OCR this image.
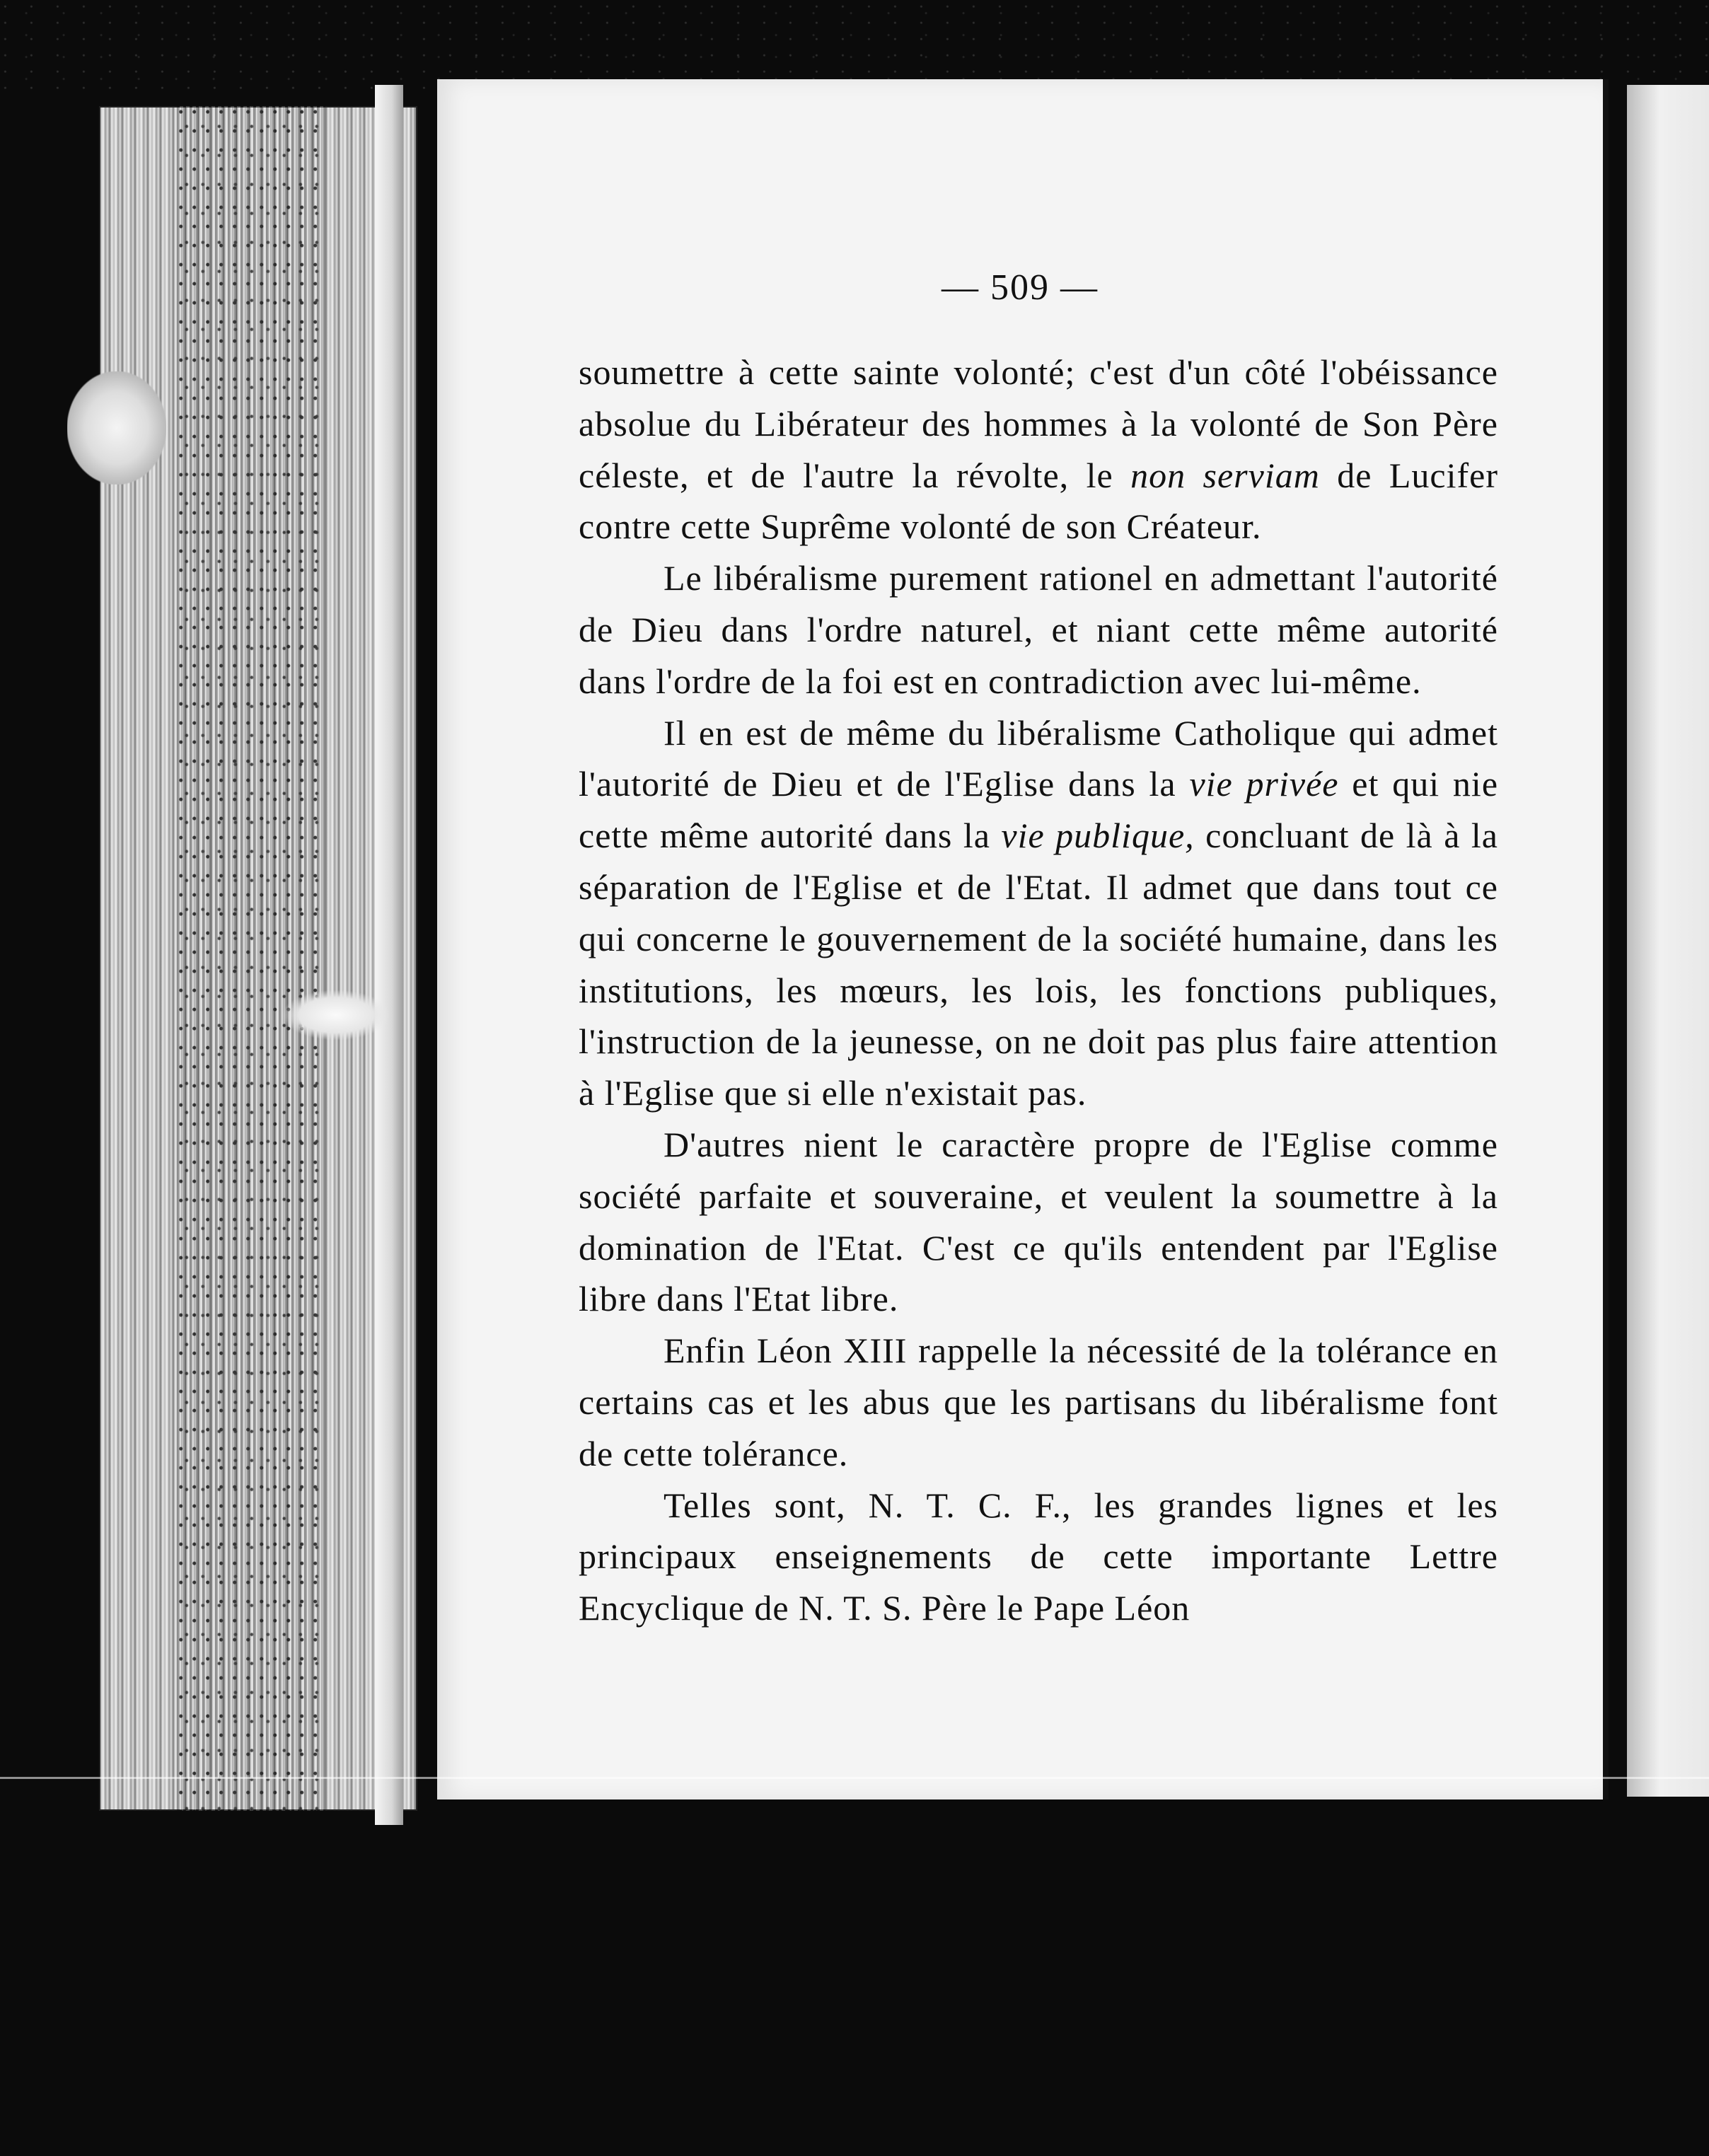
— 509 —

soumettre à cette sainte volonté; c'est d'un côté l'obéissance absolue du Libérateur des hommes à la volonté de Son Père céleste, et de l'autre la révolte, le non serviam de Lucifer contre cette Suprême volonté de son Créateur.

Le libéralisme purement rationel en admettant l'autorité de Dieu dans l'ordre naturel, et niant cette même autorité dans l'ordre de la foi est en contradiction avec lui-même.

Il en est de même du libéralisme Catholique qui admet l'autorité de Dieu et de l'Eglise dans la vie privée et qui nie cette même autorité dans la vie publique, concluant de là à la séparation de l'Eglise et de l'Etat. Il admet que dans tout ce qui concerne le gouvernement de la société humaine, dans les institutions, les mœurs, les lois, les fonctions publiques, l'instruction de la jeunesse, on ne doit pas plus faire attention à l'Eglise que si elle n'existait pas.

D'autres nient le caractère propre de l'Eglise comme société parfaite et souveraine, et veulent la soumettre à la domination de l'Etat. C'est ce qu'ils entendent par l'Eglise libre dans l'Etat libre.

Enfin Léon XIII rappelle la nécessité de la tolérance en certains cas et les abus que les partisans du libéralisme font de cette tolérance.

Telles sont, N. T. C. F., les grandes lignes et les principaux enseignements de cette importante Lettre Encyclique de N. T. S. Père le Pape Léon
